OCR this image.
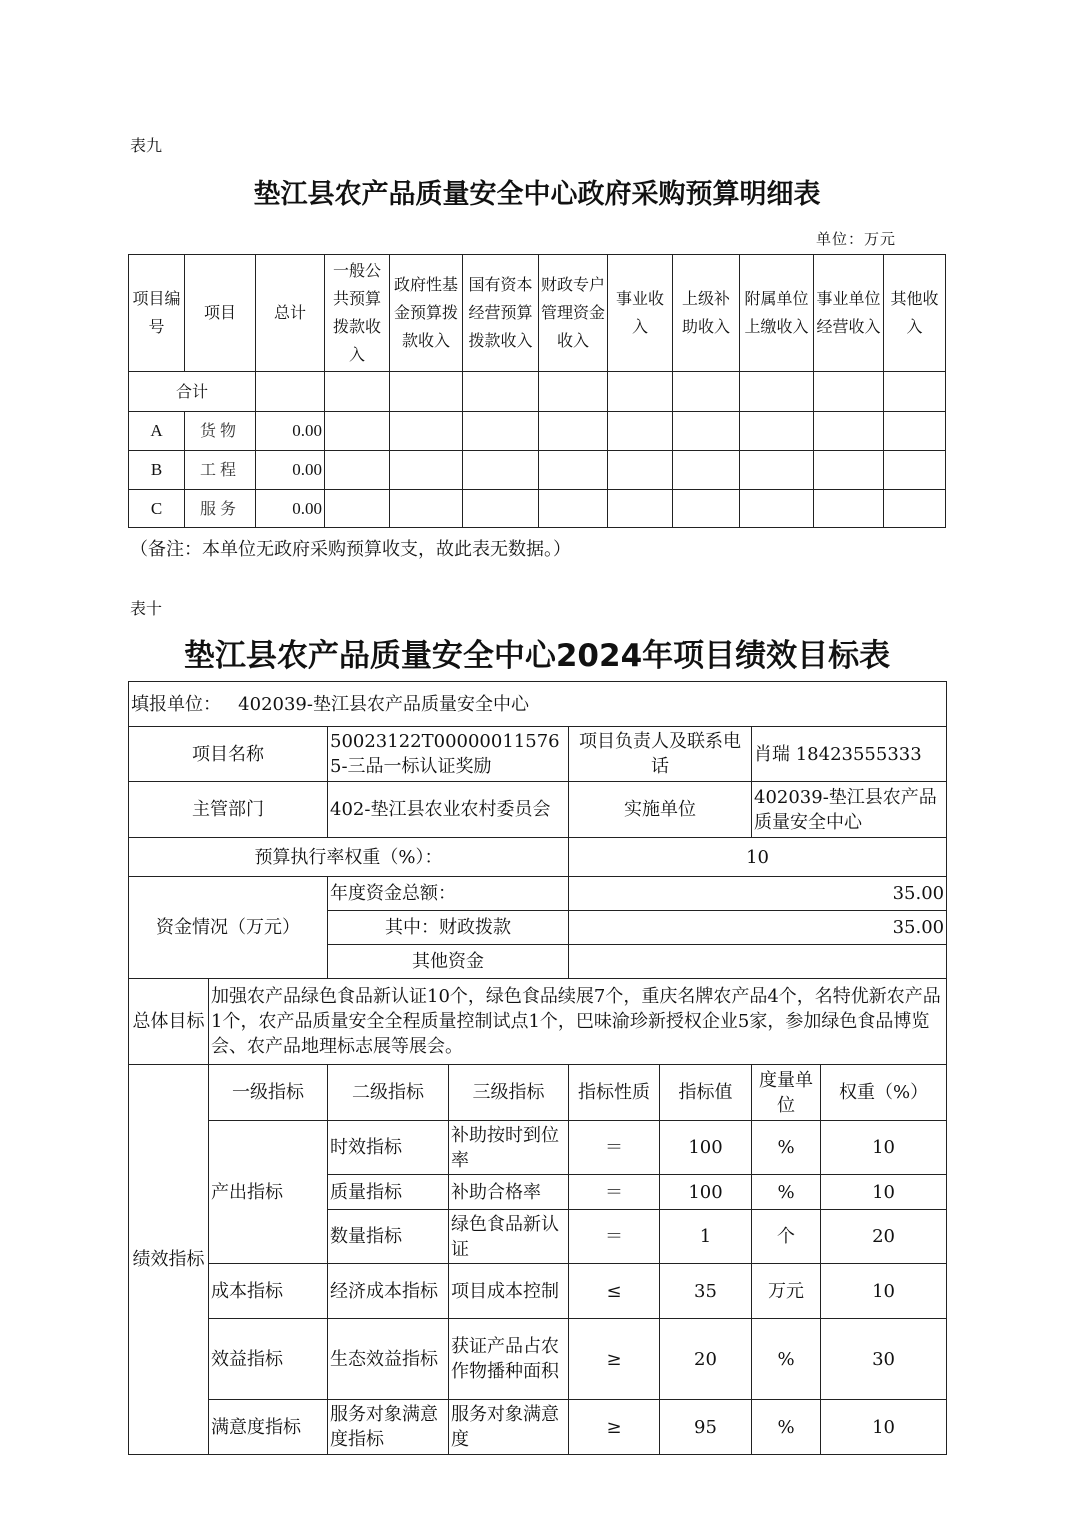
表九
垫江县农产品质量安全中心政府采购预算明细表
单位：万元
项目编号	项目	总计	一般公共预算拨款收入	政府性基金预算拨款收入	国有资本经营预算拨款收入	财政专户管理资金收入	事业收入	上级补助收入	附属单位上缴收入	事业单位经营收入	其他收入
合计											
A	货物	0.00									
B	工程	0.00									
C	服务	0.00									
（备注：本单位无政府采购预算收支，故此表无数据。）
表十
垫江县农产品质量安全中心2024年项目绩效目标表
填报单位： 402039-垫江县农产品质量安全中心							
项目名称		50023122T000000115765-三品一标认证奖励		项目负责人及联系电话		肖瑞 18423555333	
主管部门		402-垫江县农业农村委员会		实施单位		402039-垫江县农产品质量安全中心	
预算执行率权重（%）：				10			
资金情况（万元）		年度资金总额：		35.00			
		其中：财政拨款		35.00			
		其他资金					
总体目标	加强农产品绿色食品新认证10个，绿色食品续展7个，重庆名牌农产品4个，名特优新农产品1个，农产品质量安全全程质量控制试点1个，巴味渝珍新授权企业5家，参加绿色食品博览会、农产品地理标志展等展会。						
绩效指标	一级指标	二级指标	三级指标	指标性质	指标值	度量单位	权重（%）
	产出指标	时效指标	补助按时到位率	＝	100	%	10
		质量指标	补助合格率	＝	100	%	10
		数量指标	绿色食品新认证	＝	1	个	20
	成本指标	经济成本指标	项目成本控制	≤	35	万元	10
	效益指标	生态效益指标	获证产品占农作物播种面积	≥	20	%	30
	满意度指标	服务对象满意度指标	服务对象满意度	≥	95	%	10
